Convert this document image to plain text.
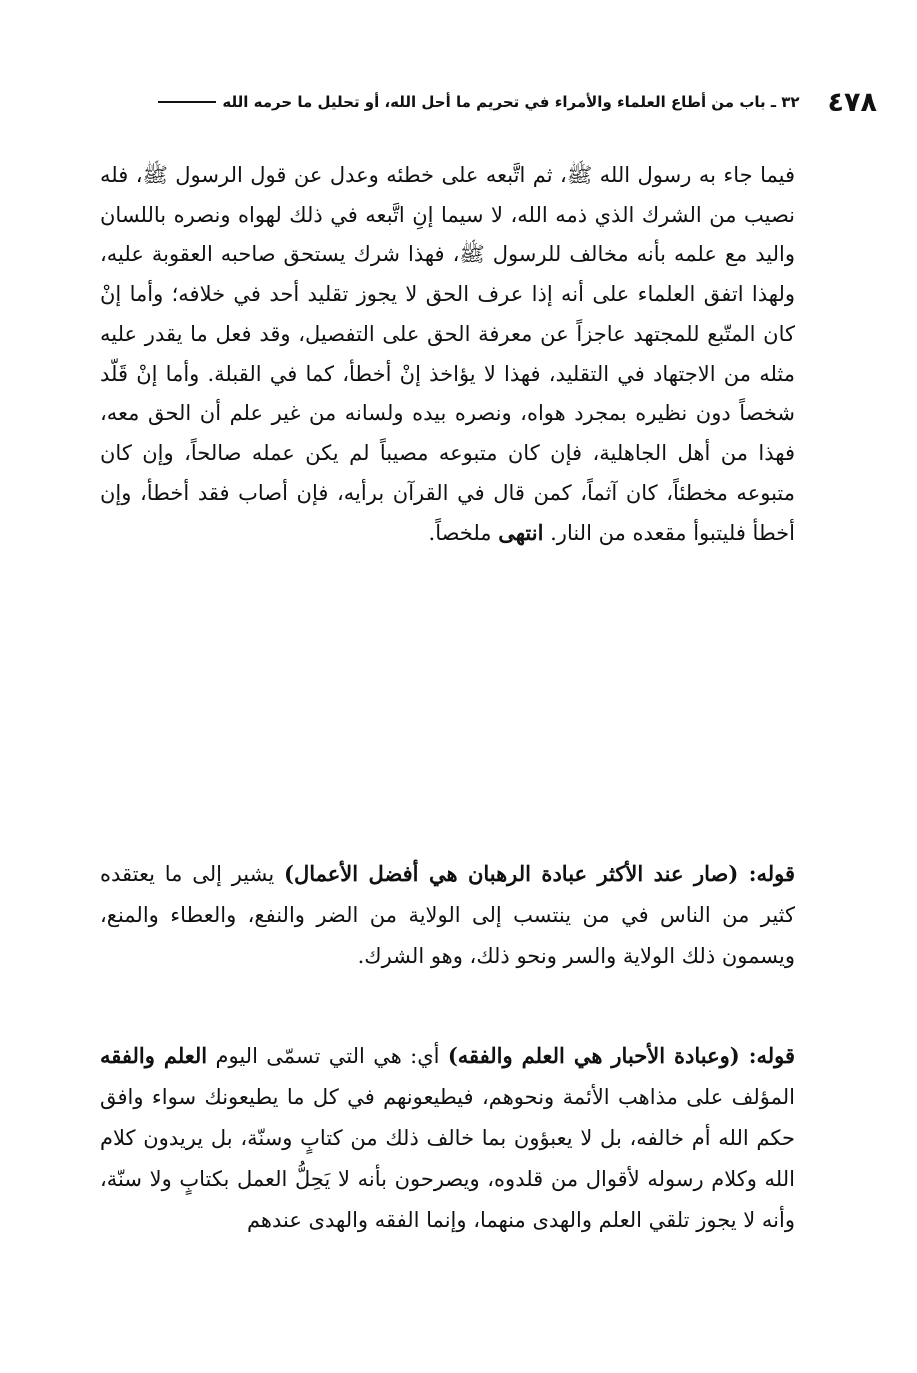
٤٧٨
٣٢ ـ باب من أطاع العلماء والأمراء في تحريم ما أحل الله، أو تحليل ما حرمه الله
فيما جاء به رسول الله ﷺ، ثم اتَّبعه على خطئه وعدل عن قول الرسول ﷺ، فله نصيب من الشرك الذي ذمه الله، لا سيما إنِ اتَّبعه في ذلك لهواه ونصره باللسان واليد مع علمه بأنه مخالف للرسول ﷺ، فهذا شرك يستحق صاحبه العقوبة عليه، ولهذا اتفق العلماء على أنه إذا عرف الحق لا يجوز تقليد أحد في خلافه؛ وأما إنْ كان المتّبع للمجتهد عاجزاً عن معرفة الحق على التفصيل، وقد فعل ما يقدر عليه مثله من الاجتهاد في التقليد، فهذا لا يؤاخذ إنْ أخطأ، كما في القبلة. وأما إنْ قَلّد شخصاً دون نظيره بمجرد هواه، ونصره بيده ولسانه من غير علم أن الحق معه، فهذا من أهل الجاهلية، فإن كان متبوعه مصيباً لم يكن عمله صالحاً، وإن كان متبوعه مخطئاً، كان آثماً، كمن قال في القرآن برأيه، فإن أصاب فقد أخطأ، وإن أخطأ فليتبوأ مقعده من النار. انتهى ملخصاً.
قوله: (صار عند الأكثر عبادة الرهبان هي أفضل الأعمال) يشير إلى ما يعتقده كثير من الناس في من ينتسب إلى الولاية من الضر والنفع، والعطاء والمنع، ويسمون ذلك الولاية والسر ونحو ذلك، وهو الشرك.
قوله: (وعبادة الأحبار هي العلم والفقه) أي: هي التي تسمّى اليوم العلم والفقه المؤلف على مذاهب الأئمة ونحوهم، فيطيعونهم في كل ما يطيعونك سواء وافق حكم الله أم خالفه، بل لا يعبؤون بما خالف ذلك من كتابٍ وسنّة، بل يريدون كلام الله وكلام رسوله لأقوال من قلدوه، ويصرحون بأنه لا يَحِلُّ العمل بكتابٍ ولا سنّة، وأنه لا يجوز تلقي العلم والهدى منهما، وإنما الفقه والهدى عندهم
